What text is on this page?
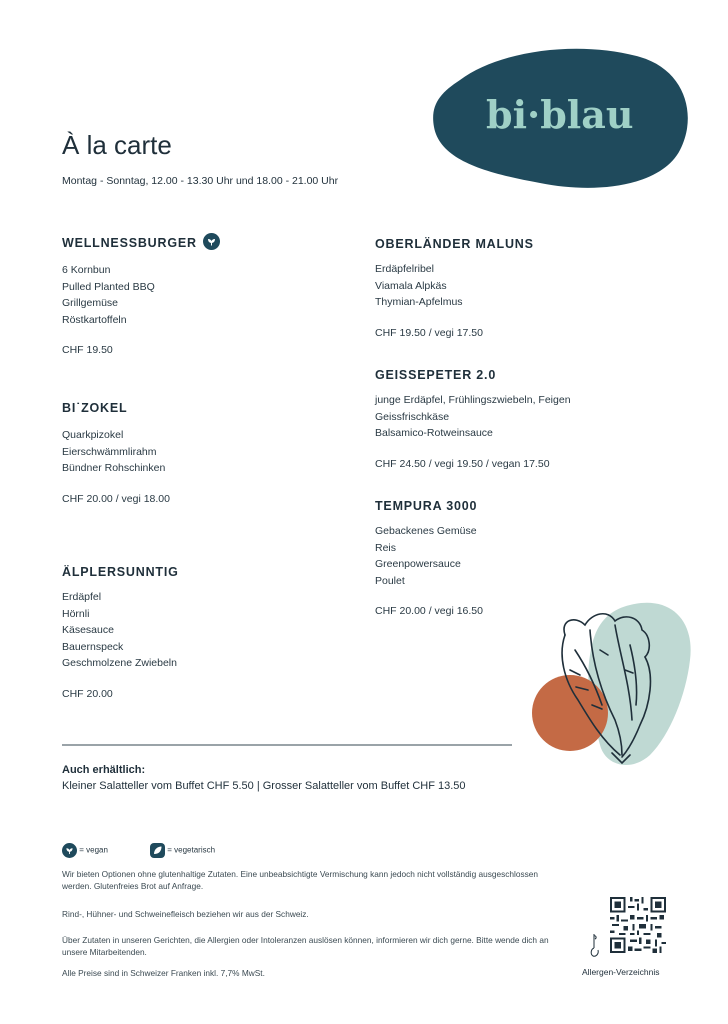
bi·blau
À la carte
Montag - Sonntag, 12.00 - 13.30 Uhr und 18.00 - 21.00 Uhr
WELLNESSBURGER
6 Kornbun
Pulled Planted BBQ
Grillgemüse
Röstkartoffeln
CHF 19.50
BI˙ZOKEL
Quarkpizokel
Eierschwämmlirahm
Bündner Rohschinken
CHF 20.00 / vegi 18.00
ÄLPLERSUNNTIG
Erdäpfel
Hörnli
Käsesauce
Bauernspeck
Geschmolzene Zwiebeln
CHF 20.00
OBERLÄNDER MALUNS
Erdäpfelribel
Viamala Alpkäs
Thymian-Apfelmus
CHF 19.50 / vegi 17.50
GEISSEPETER 2.0
junge Erdäpfel, Frühlingszwiebeln, Feigen
Geissfrischkäse
Balsamico-Rotweinsauce
CHF 24.50 / vegi 19.50 / vegan 17.50
TEMPURA 3000
Gebackenes Gemüse
Reis
Greenpowersauce
Poulet
CHF 20.00 / vegi 16.50
Auch erhältlich:
Kleiner Salatteller vom Buffet CHF 5.50 | Grosser Salatteller vom Buffet CHF 13.50
= vegan	= vegetarisch
Wir bieten Optionen ohne glutenhaltige Zutaten. Eine unbeabsichtigte Vermischung kann jedoch nicht vollständig ausgeschlossen werden. Glutenfreies Brot auf Anfrage.
Rind-, Hühner- und Schweinefleisch beziehen wir aus der Schweiz.
Über Zutaten in unseren Gerichten, die Allergien oder Intoleranzen auslösen können, informieren wir dich gerne. Bitte wende dich an unsere Mitarbeitenden.
Alle Preise sind in Schweizer Franken inkl. 7,7% MwSt.	Allergen-Verzeichnis
